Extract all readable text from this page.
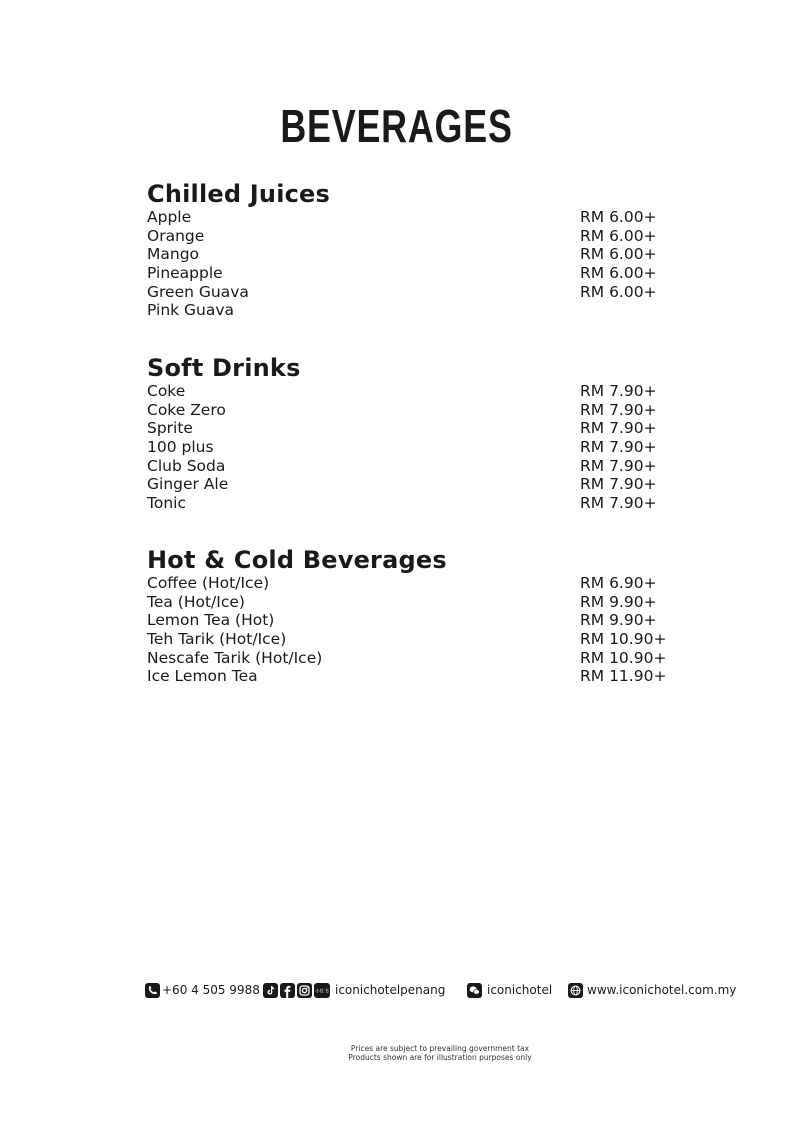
BEVERAGES
Chilled Juices
Apple	RM 6.00+
Orange	RM 6.00+
Mango	RM 6.00+
Pineapple	RM 6.00+
Green Guava	RM 6.00+
Pink Guava
Soft Drinks
Coke	RM 7.90+
Coke Zero	RM 7.90+
Sprite	RM 7.90+
100 plus	RM 7.90+
Club Soda	RM 7.90+
Ginger Ale	RM 7.90+
Tonic	RM 7.90+
Hot & Cold Beverages
Coffee (Hot/Ice)	RM 6.90+
Tea (Hot/Ice)	RM 9.90+
Lemon Tea (Hot)	RM 9.90+
Teh Tarik (Hot/Ice)	RM 10.90+
Nescafe Tarik (Hot/Ice)	RM 10.90+
Ice Lemon Tea	RM 11.90+
+60 4 505 9988	小红书 iconichotelpenang	iconichotel	www.iconichotel.com.my
Prices are subject to prevailing government tax
Products shown are for illustration purposes only
